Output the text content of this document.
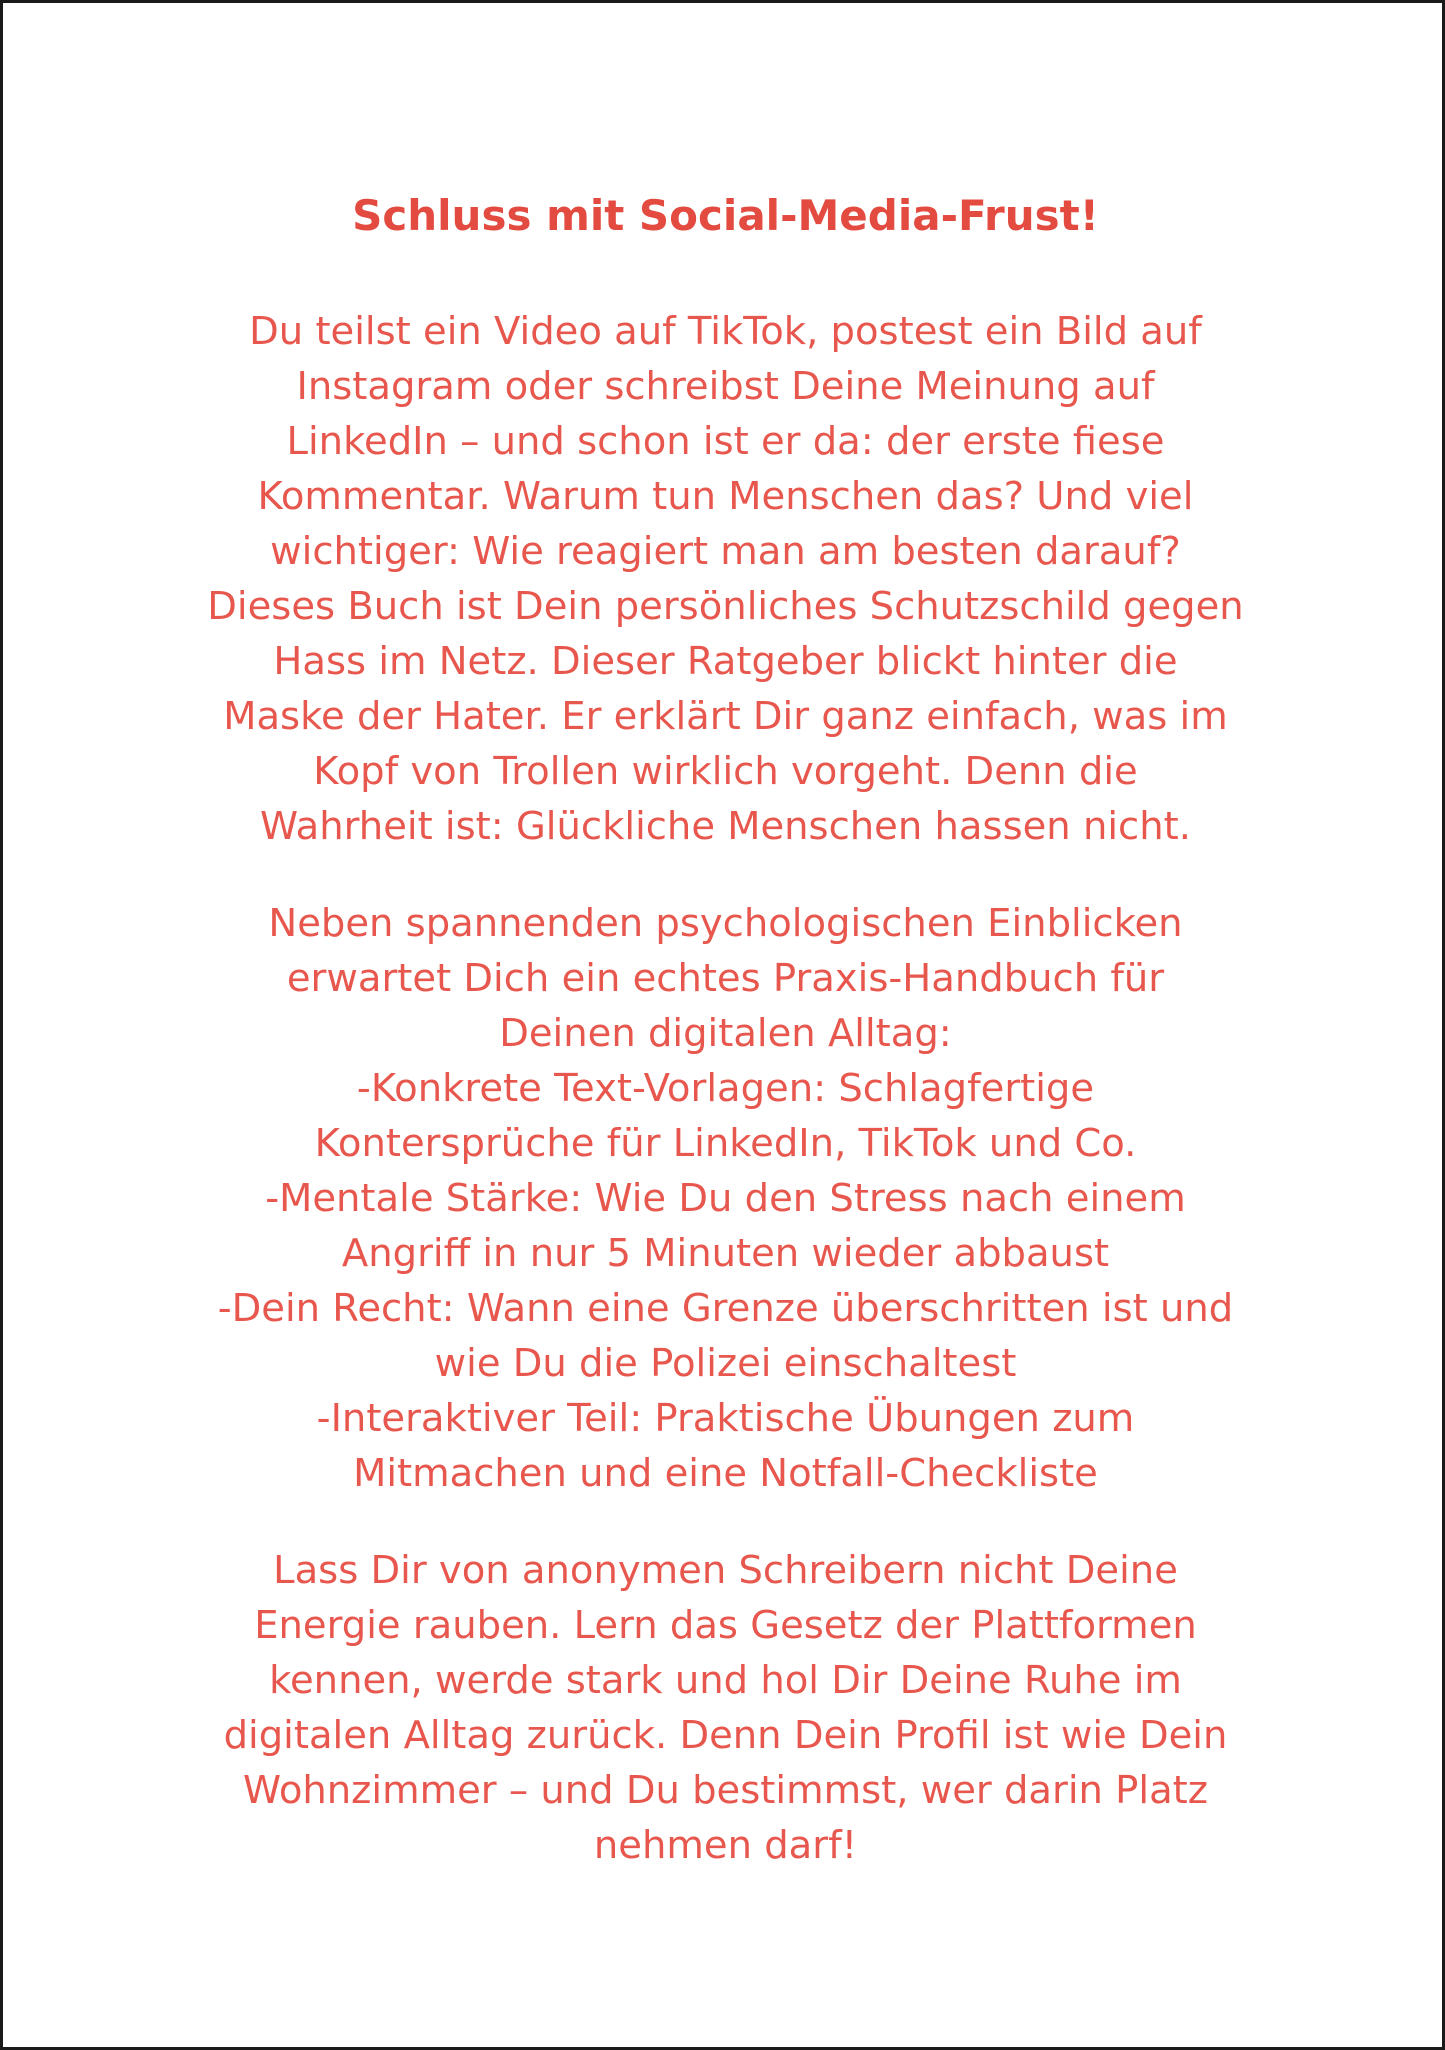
Schluss mit Social-Media-Frust!

Du teilst ein Video auf TikTok, postest ein Bild auf
Instagram oder schreibst Deine Meinung auf
LinkedIn – und schon ist er da: der erste fiese
Kommentar. Warum tun Menschen das? Und viel
wichtiger: Wie reagiert man am besten darauf?
Dieses Buch ist Dein persönliches Schutzschild gegen
Hass im Netz. Dieser Ratgeber blickt hinter die
Maske der Hater. Er erklärt Dir ganz einfach, was im
Kopf von Trollen wirklich vorgeht. Denn die
Wahrheit ist: Glückliche Menschen hassen nicht.

Neben spannenden psychologischen Einblicken
erwartet Dich ein echtes Praxis-Handbuch für
Deinen digitalen Alltag:
-Konkrete Text-Vorlagen: Schlagfertige
Kontersprüche für LinkedIn, TikTok und Co.
-Mentale Stärke: Wie Du den Stress nach einem
Angriff in nur 5 Minuten wieder abbaust
-Dein Recht: Wann eine Grenze überschritten ist und
wie Du die Polizei einschaltest
-Interaktiver Teil: Praktische Übungen zum
Mitmachen und eine Notfall-Checkliste

Lass Dir von anonymen Schreibern nicht Deine
Energie rauben. Lern das Gesetz der Plattformen
kennen, werde stark und hol Dir Deine Ruhe im
digitalen Alltag zurück. Denn Dein Profil ist wie Dein
Wohnzimmer – und Du bestimmst, wer darin Platz
nehmen darf!
